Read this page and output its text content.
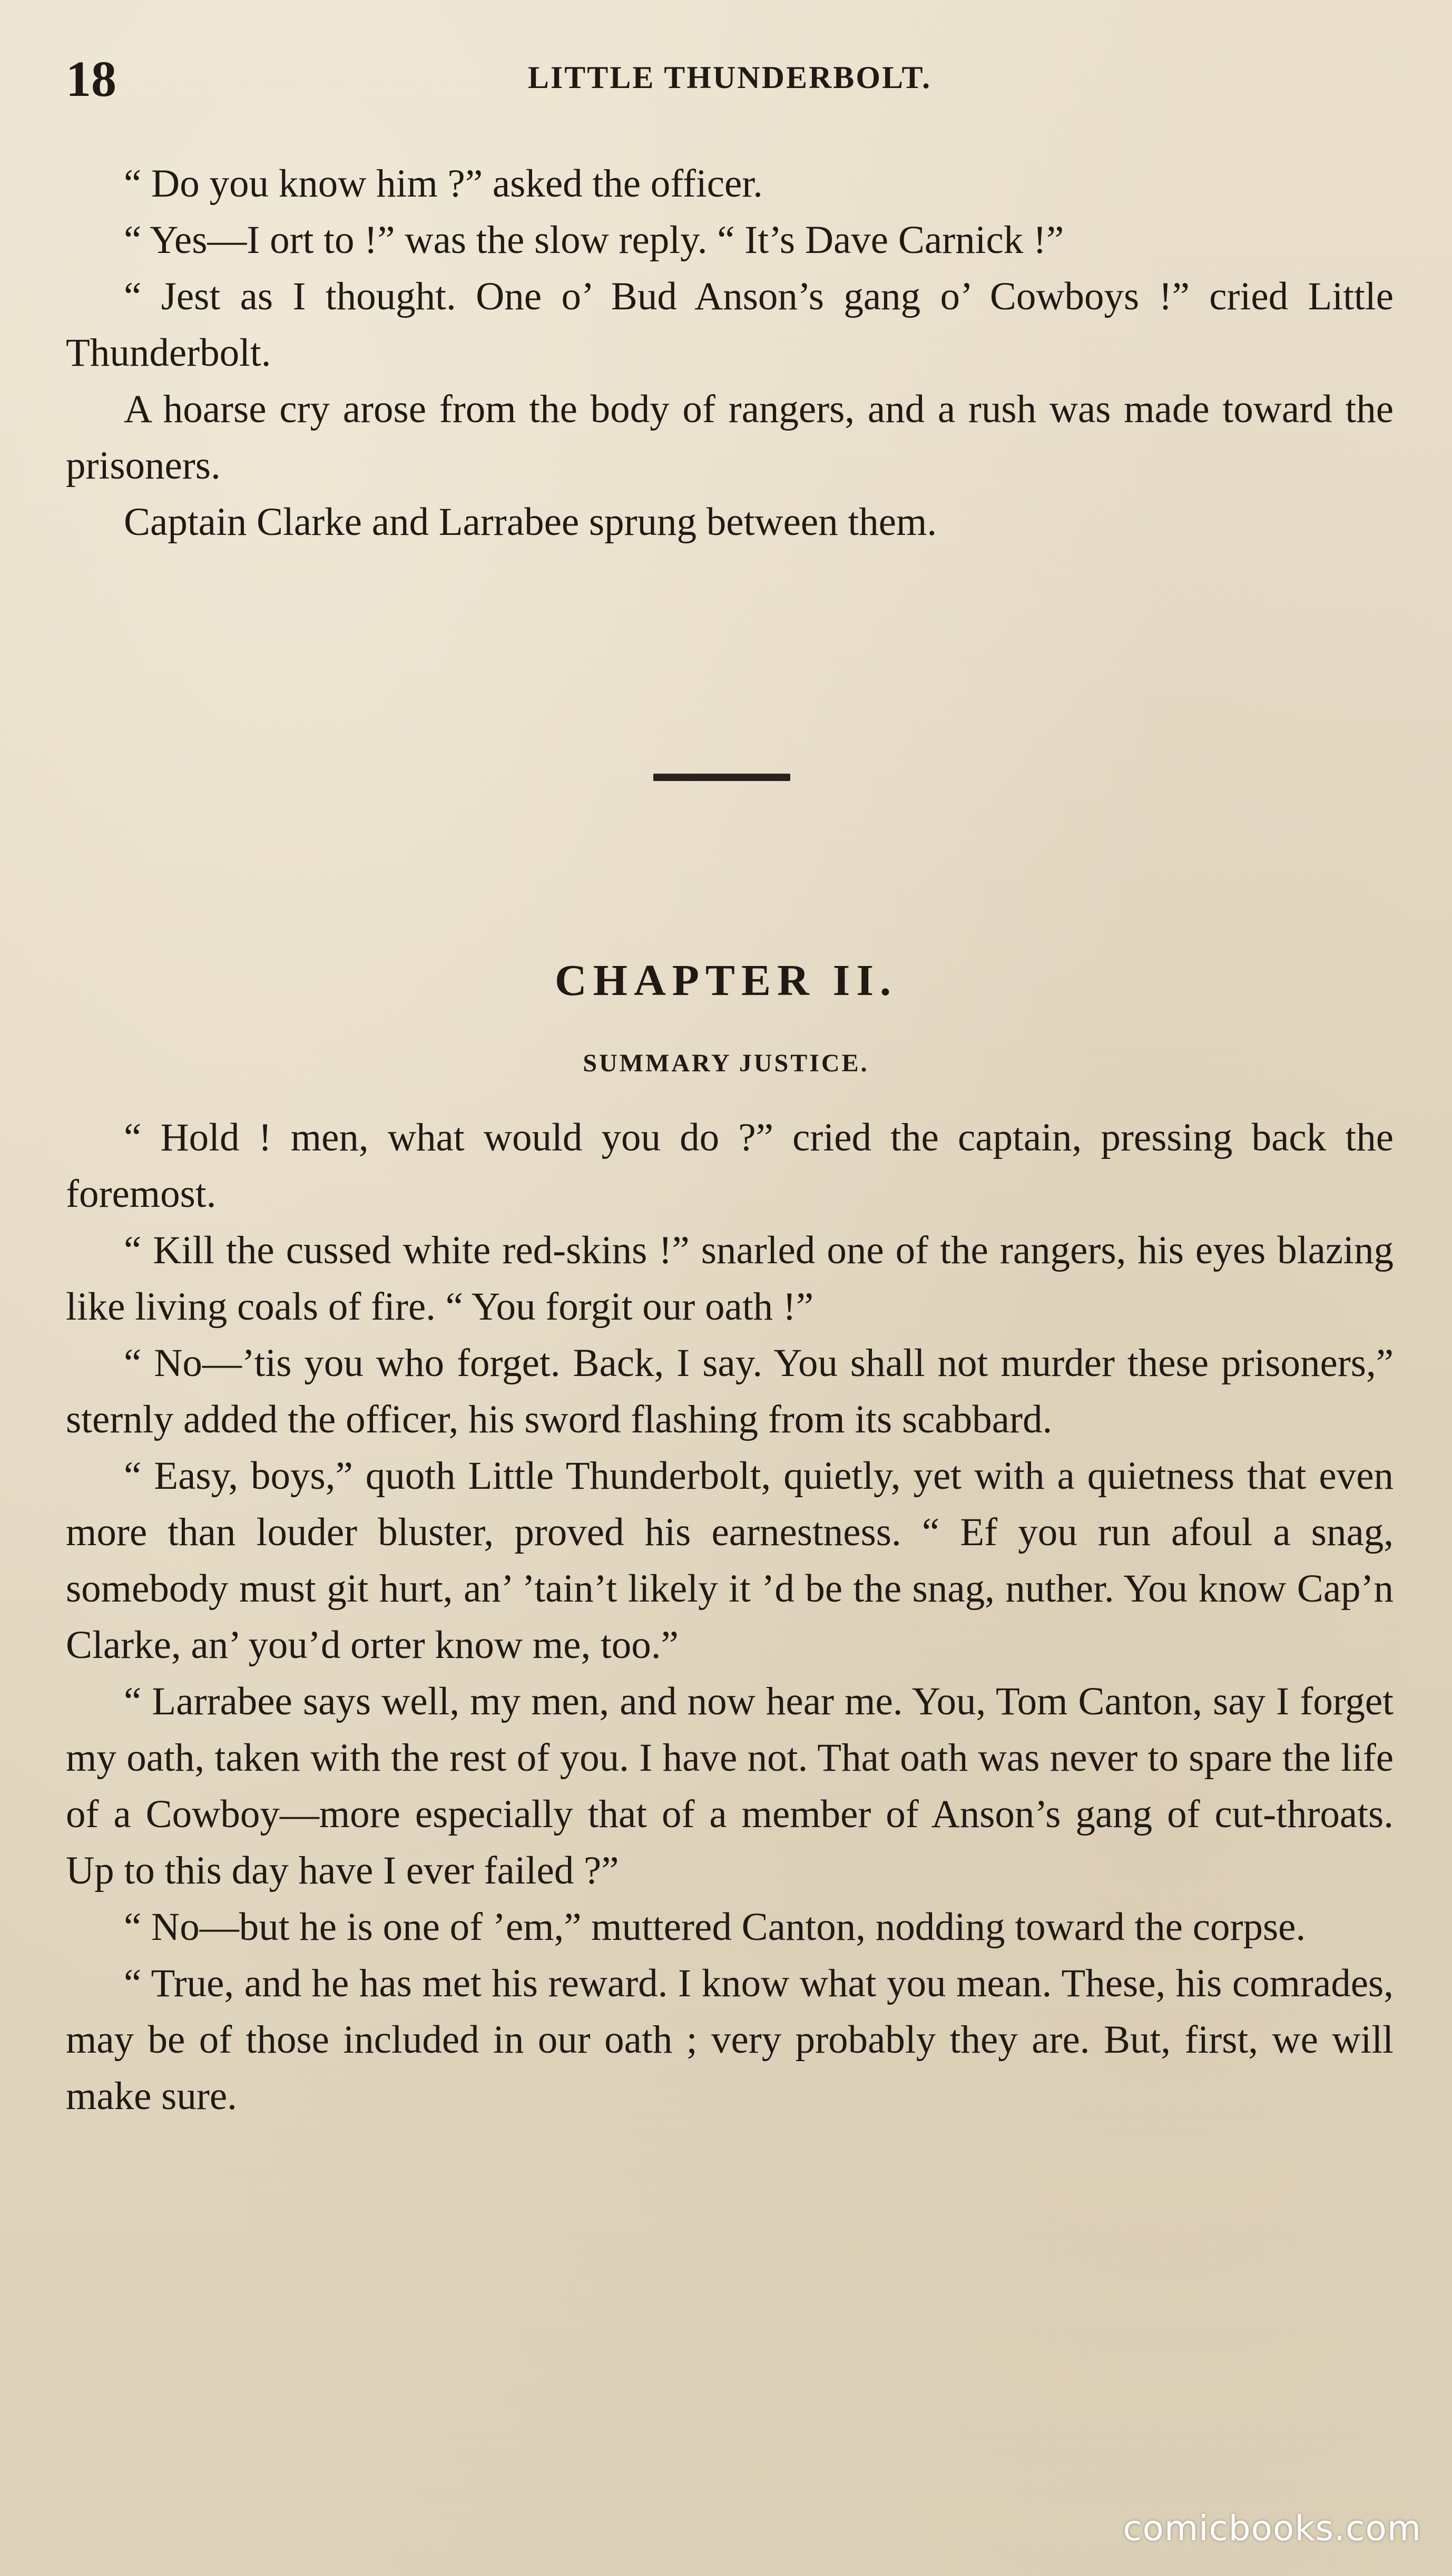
18	LITTLE THUNDERBOLT.

“ Do you know him ?” asked the officer.

“ Yes—I ort to !” was the slow reply. “ It’s Dave Carnick !”

“ Jest as I thought. One o’ Bud Anson’s gang o’ Cowboys !” cried Little Thunderbolt.

A hoarse cry arose from the body of rangers, and a rush was made toward the prisoners.

Captain Clarke and Larrabee sprung between them.

CHAPTER II.
SUMMARY JUSTICE.

“ Hold ! men, what would you do ?” cried the captain, pressing back the foremost.

“ Kill the cussed white red-skins !” snarled one of the rangers, his eyes blazing like living coals of fire. “ You forgit our oath !”

“ No—’tis you who forget. Back, I say. You shall not murder these prisoners,” sternly added the officer, his sword flashing from its scabbard.

“ Easy, boys,” quoth Little Thunderbolt, quietly, yet with a quietness that even more than louder bluster, proved his earnestness. “ Ef you run afoul a snag, somebody must git hurt, an’ ’tain’t likely it ’d be the snag, nuther. You know Cap’n Clarke, an’ you’d orter know me, too.”

“ Larrabee says well, my men, and now hear me. You, Tom Canton, say I forget my oath, taken with the rest of you. I have not. That oath was never to spare the life of a Cowboy—more especially that of a member of Anson’s gang of cut-throats. Up to this day have I ever failed ?”

“ No—but he is one of ’em,” muttered Canton, nodding toward the corpse.

“ True, and he has met his reward. I know what you mean. These, his comrades, may be of those included in our oath ; very probably they are. But, first, we will make sure.

comicbooks.com
